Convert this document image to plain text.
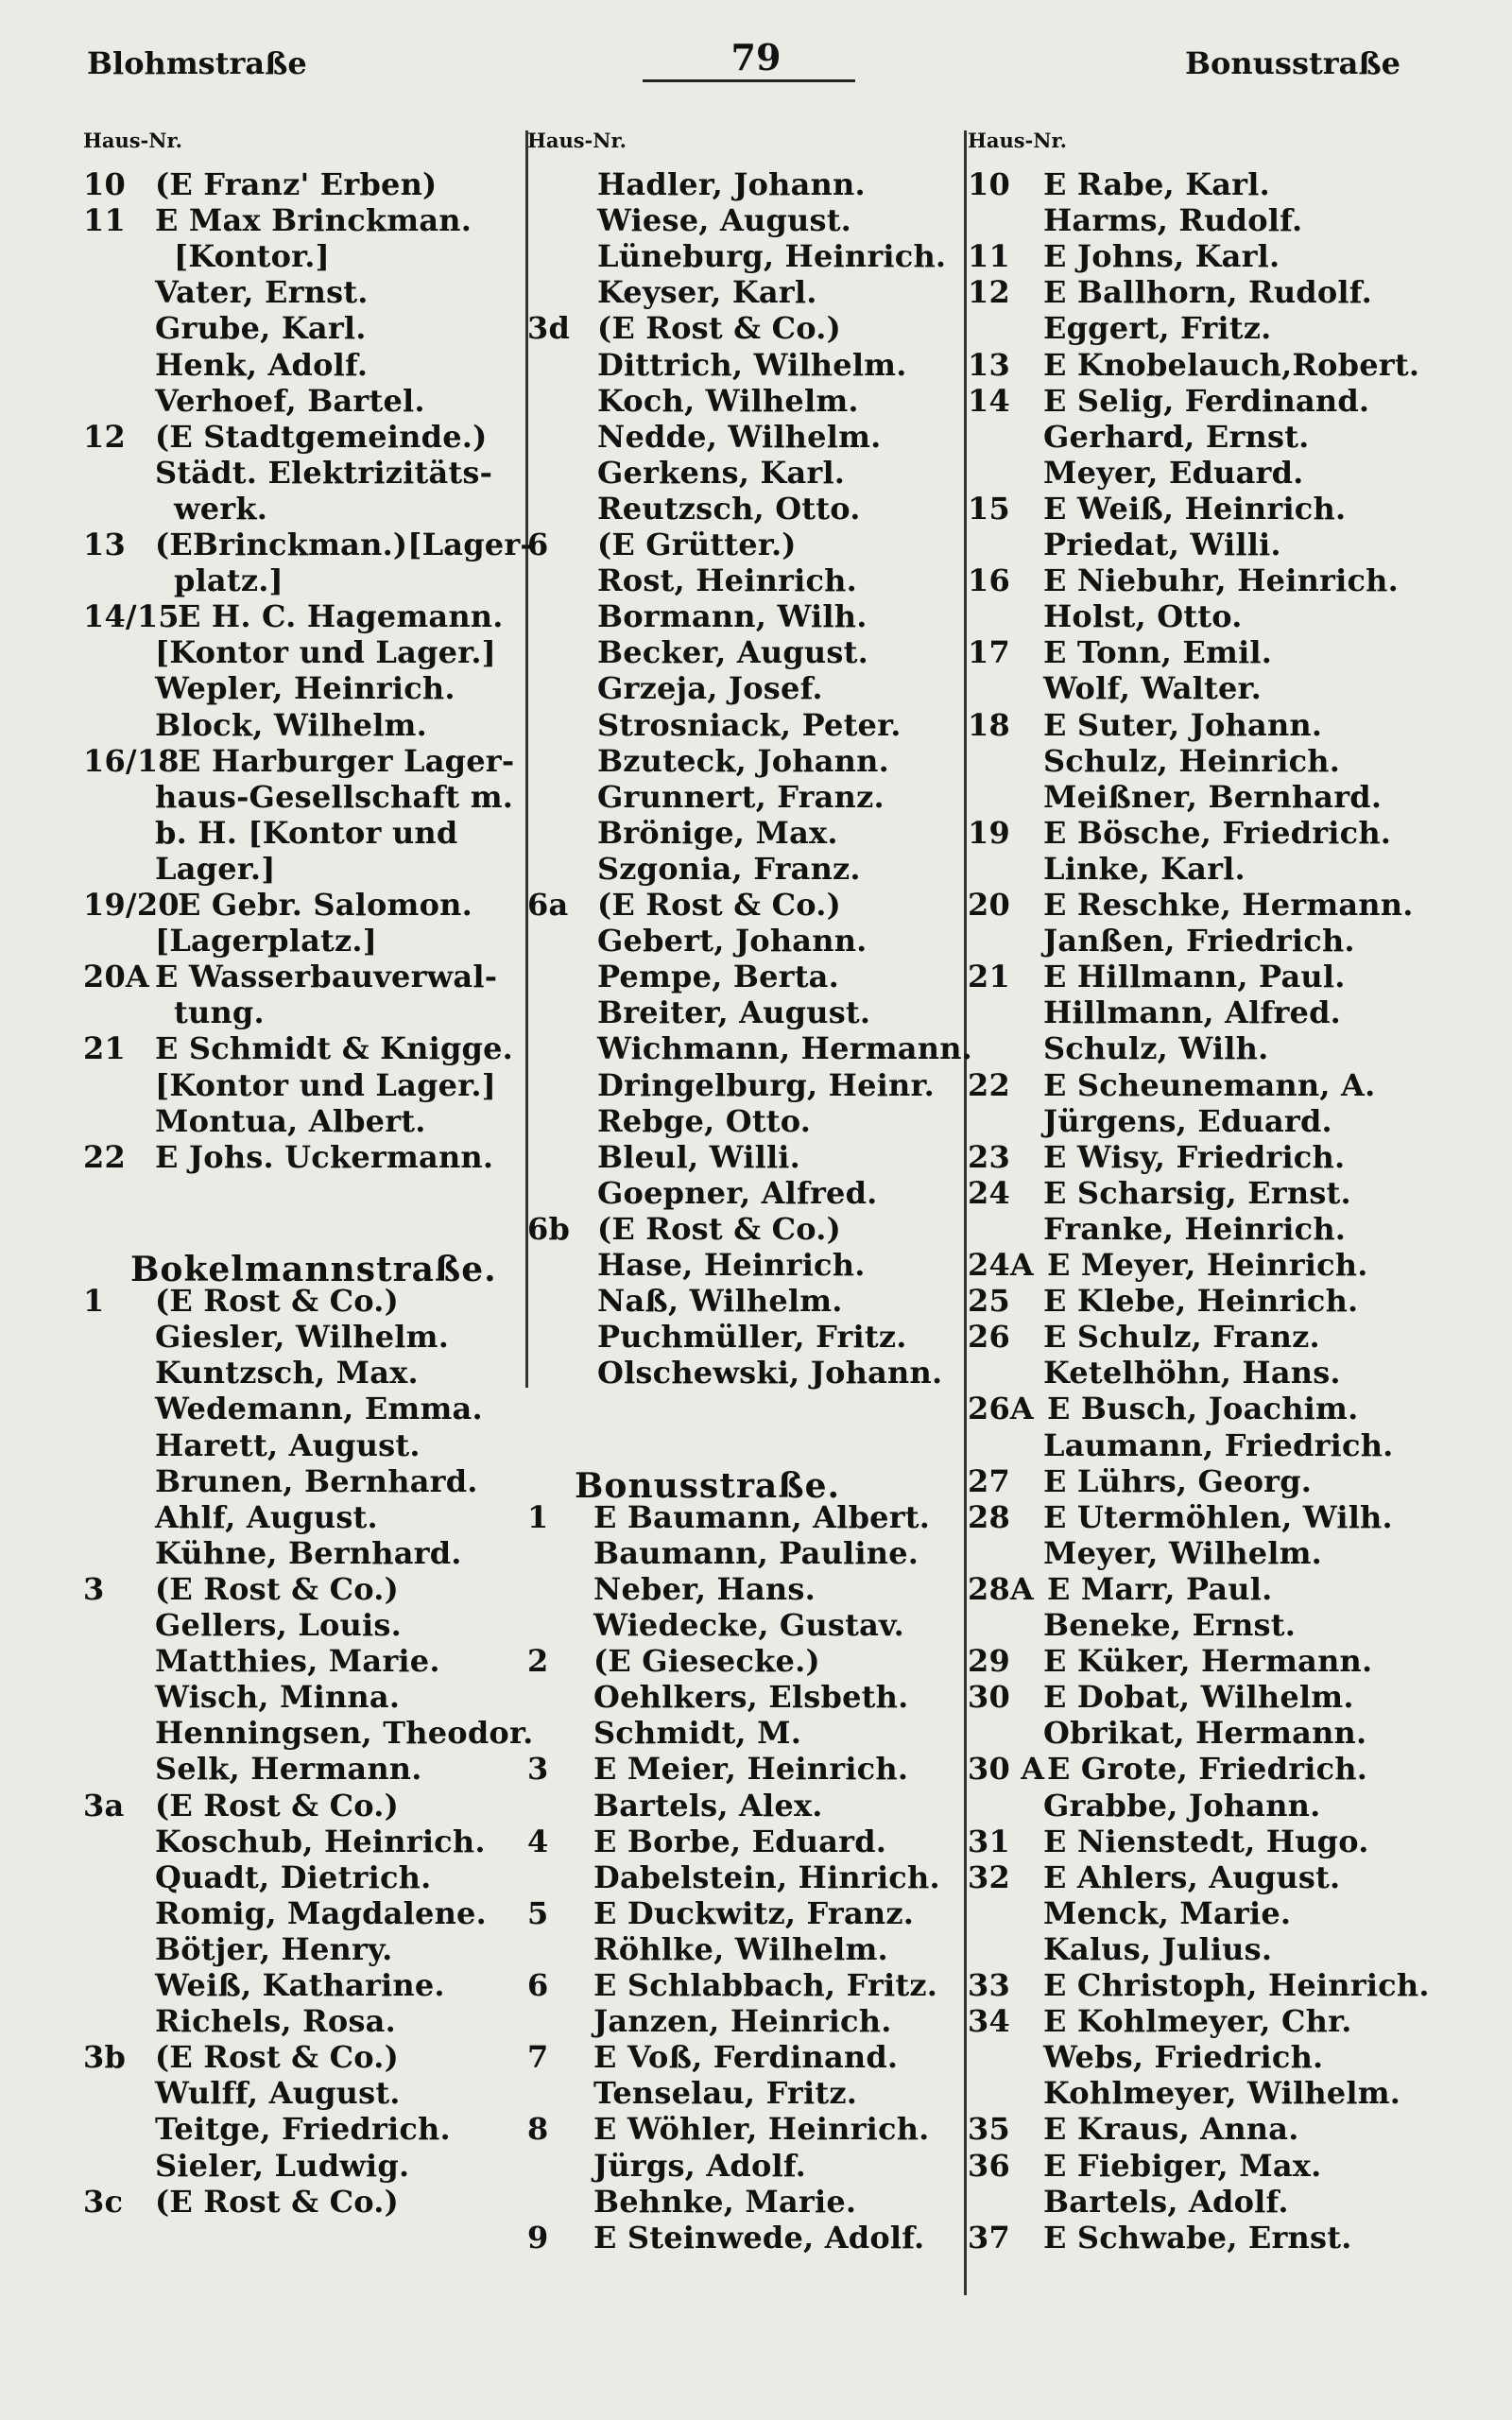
Blohmstraße	79	Bonusstraße
Haus-Nr.
10 (E Franz' Erben)
11 E Max Brinckman.
[Kontor.]
Vater, Ernst.
Grube, Karl.
Henk, Adolf.
Verhoef, Bartel.
12 (E Stadtgemeinde.)
Städt. Elektrizitäts-
werk.
13 (EBrinckman.)[Lager-
platz.]
14/15
E H. C. Hagemann.
[Kontor und Lager.]
Wepler, Heinrich.
Block, Wilhelm.
16/18
E Harburger Lager-
haus-Gesellschaft m.
b. H. [Kontor und
Lager.]
19/20
E Gebr. Salomon.
[Lagerplatz.]
20A E Wasserbauverwal-
tung.
21 E Schmidt & Knigge.
[Kontor und Lager.]
Montua, Albert.
22 E Johs. Uckermann.
Bokelmannstraße.
1 (E Rost & Co.)
Giesler, Wilhelm.
Kuntzsch, Max.
Wedemann, Emma.
Harett, August.
Brunen, Bernhard.
Ahlf, August.
Kühne, Bernhard.
3 (E Rost & Co.)
Gellers, Louis.
Matthies, Marie.
Wisch, Minna.
Henningsen, Theodor.
Selk, Hermann.
3a (E Rost & Co.)
Koschub, Heinrich.
Quadt, Dietrich.
Romig, Magdalene.
Bötjer, Henry.
Weiß, Katharine.
Richels, Rosa.
3b (E Rost & Co.)
Wulff, August.
Teitge, Friedrich.
Sieler, Ludwig.
3c (E Rost & Co.)
Haus-Nr.
Hadler, Johann.
Wiese, August.
Lüneburg, Heinrich.
Keyser, Karl.
3d (E Rost & Co.)
Dittrich, Wilhelm.
Koch, Wilhelm.
Nedde, Wilhelm.
Gerkens, Karl.
Reutzsch, Otto.
6 (E Grütter.)
Rost, Heinrich.
Bormann, Wilh.
Becker, August.
Grzeja, Josef.
Strosniack, Peter.
Bzuteck, Johann.
Grunnert, Franz.
Brönige, Max.
Szgonia, Franz.
6a (E Rost & Co.)
Gebert, Johann.
Pempe, Berta.
Breiter, August.
Wichmann, Hermann.
Dringelburg, Heinr.
Rebge, Otto.
Bleul, Willi.
Goepner, Alfred.
6b (E Rost & Co.)
Hase, Heinrich.
Naß, Wilhelm.
Puchmüller, Fritz.
Olschewski, Johann.
Bonusstraße.
1 E Baumann, Albert.
Baumann, Pauline.
Neber, Hans.
Wiedecke, Gustav.
2 (E Giesecke.)
Oehlkers, Elsbeth.
Schmidt, M.
3 E Meier, Heinrich.
Bartels, Alex.
4 E Borbe, Eduard.
Dabelstein, Hinrich.
5 E Duckwitz, Franz.
Röhlke, Wilhelm.
6 E Schlabbach, Fritz.
Janzen, Heinrich.
7 E Voß, Ferdinand.
Tenselau, Fritz.
8 E Wöhler, Heinrich.
Jürgs, Adolf.
Behnke, Marie.
9 E Steinwede, Adolf.
Haus-Nr.
10 E Rabe, Karl.
Harms, Rudolf.
11 E Johns, Karl.
12 E Ballhorn, Rudolf.
Eggert, Fritz.
13 E Knobelauch,Robert.
14 E Selig, Ferdinand.
Gerhard, Ernst.
Meyer, Eduard.
15 E Weiß, Heinrich.
Priedat, Willi.
16 E Niebuhr, Heinrich.
Holst, Otto.
17 E Tonn, Emil.
Wolf, Walter.
18 E Suter, Johann.
Schulz, Heinrich.
Meißner, Bernhard.
19 E Bösche, Friedrich.
Linke, Karl.
20 E Reschke, Hermann.
Janßen, Friedrich.
21 E Hillmann, Paul.
Hillmann, Alfred.
Schulz, Wilh.
22 E Scheunemann, A.
Jürgens, Eduard.
23 E Wisy, Friedrich.
24 E Scharsig, Ernst.
Franke, Heinrich.
24A E Meyer, Heinrich.
25 E Klebe, Heinrich.
26 E Schulz, Franz.
Ketelhöhn, Hans.
26A E Busch, Joachim.
Laumann, Friedrich.
27 E Lührs, Georg.
28 E Utermöhlen, Wilh.
Meyer, Wilhelm.
28A E Marr, Paul.
Beneke, Ernst.
29 E Küker, Hermann.
30 E Dobat, Wilhelm.
Obrikat, Hermann.
30 A E Grote, Friedrich.
Grabbe, Johann.
31 E Nienstedt, Hugo.
32 E Ahlers, August.
Menck, Marie.
Kalus, Julius.
33 E Christoph, Heinrich.
34 E Kohlmeyer, Chr.
Webs, Friedrich.
Kohlmeyer, Wilhelm.
35 E Kraus, Anna.
36 E Fiebiger, Max.
Bartels, Adolf.
37 E Schwabe, Ernst.
